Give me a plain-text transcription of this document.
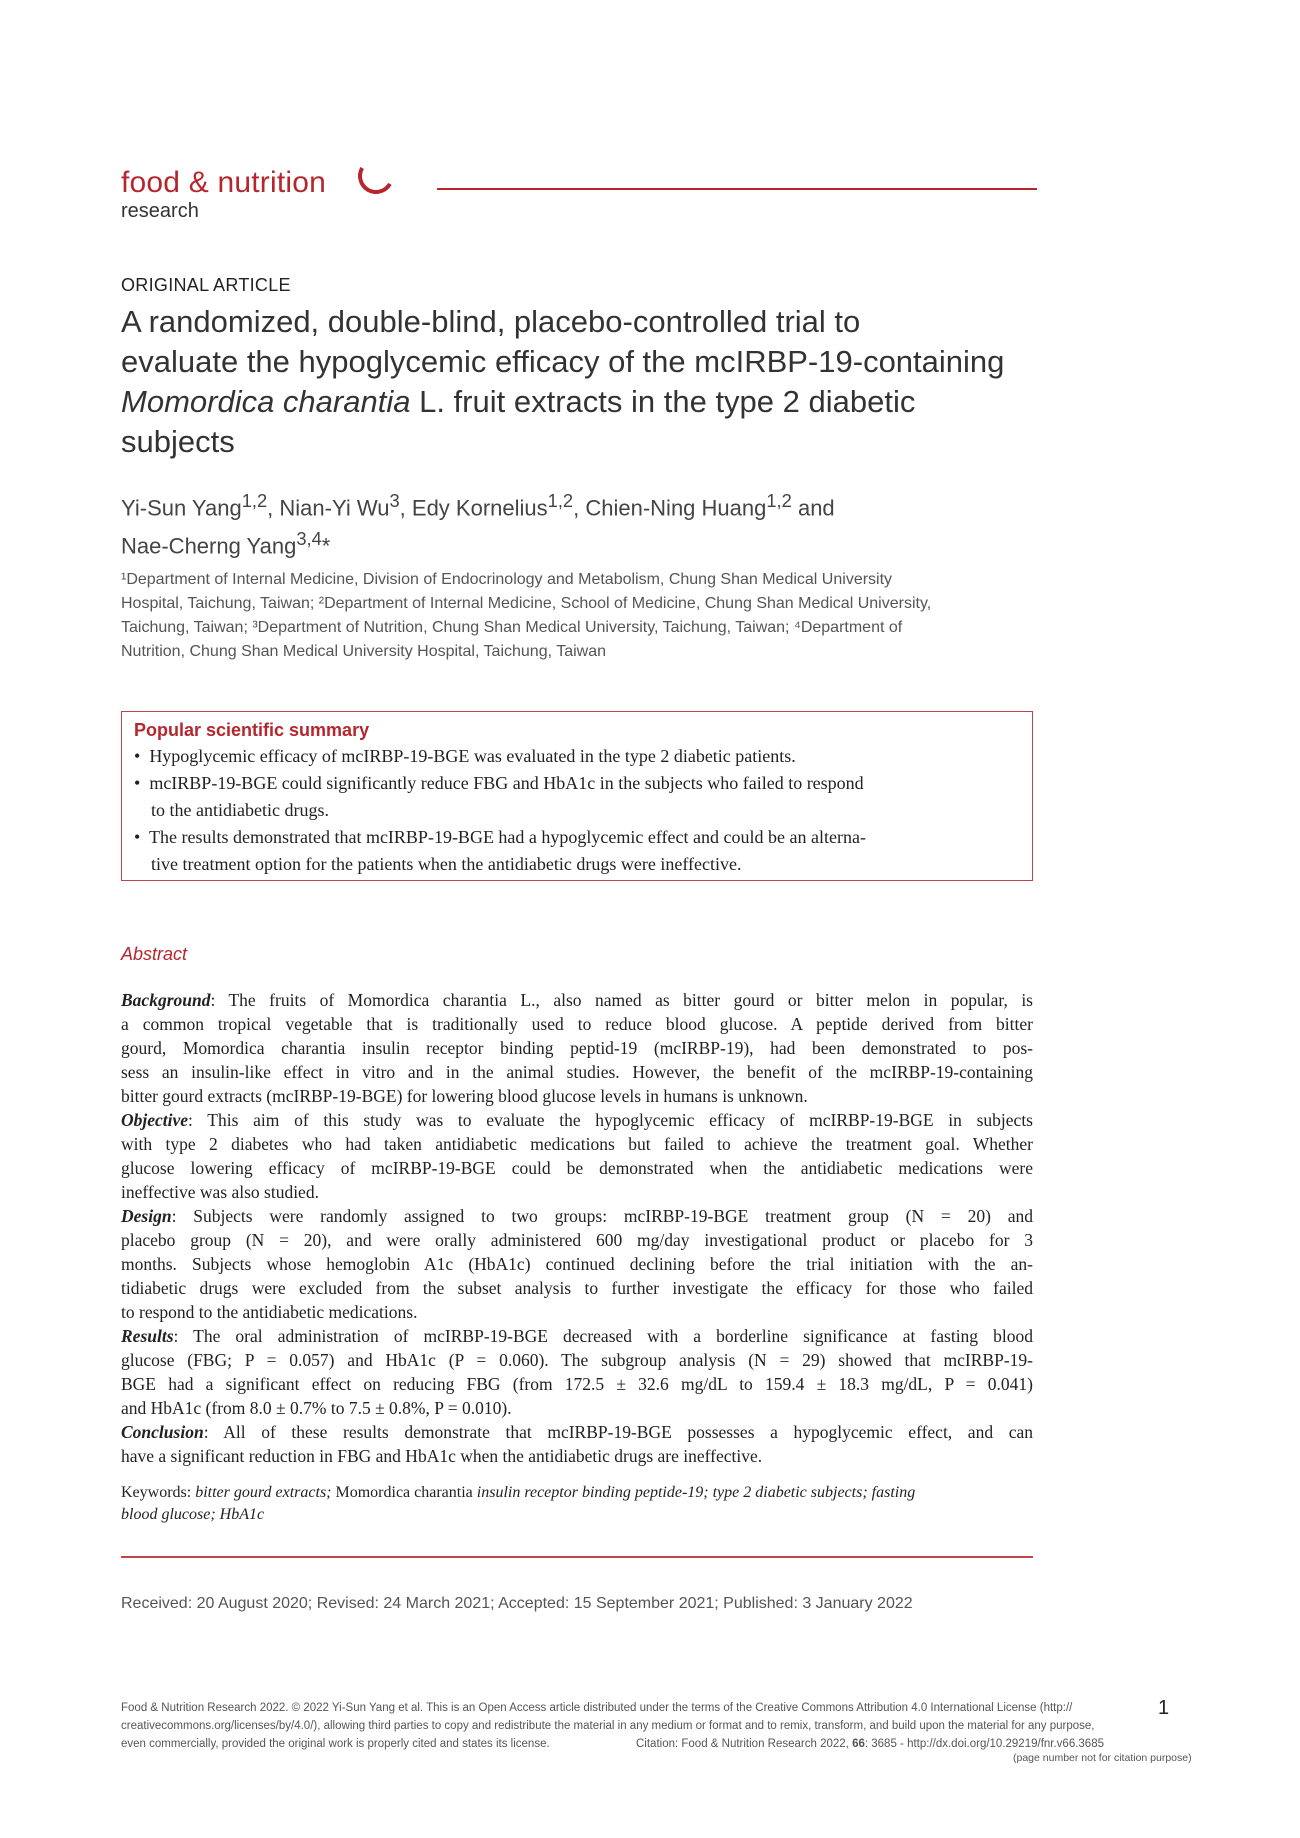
food & nutrition
research
ORIGINAL ARTICLE
A randomized, double-blind, placebo-controlled trial to
evaluate the hypoglycemic efficacy of the mcIRBP-19-containing
Momordica charantia L. fruit extracts in the type 2 diabetic
subjects
Yi-Sun Yang$^{1,2}$, Nian-Yi Wu$^3$, Edy Kornelius$^{1,2}$, Chien-Ning Huang$^{1,2}$ and
Nae-Cherng Yang$^{3,4}$*
¹Department of Internal Medicine, Division of Endocrinology and Metabolism, Chung Shan Medical University
Hospital, Taichung, Taiwan; ²Department of Internal Medicine, School of Medicine, Chung Shan Medical University,
Taichung, Taiwan; ³Department of Nutrition, Chung Shan Medical University, Taichung, Taiwan; ⁴Department of
Nutrition, Chung Shan Medical University Hospital, Taichung, Taiwan
Popular scientific summary
• Hypoglycemic efficacy of mcIRBP-19-BGE was evaluated in the type 2 diabetic patients.
• mcIRBP-19-BGE could significantly reduce FBG and HbA1c in the subjects who failed to respond
to the antidiabetic drugs.
• The results demonstrated that mcIRBP-19-BGE had a hypoglycemic effect and could be an alterna-
tive treatment option for the patients when the antidiabetic drugs were ineffective.
Abstract
Background: The fruits of Momordica charantia L., also named as bitter gourd or bitter melon in popular, is
a common tropical vegetable that is traditionally used to reduce blood glucose. A peptide derived from bitter
gourd, Momordica charantia insulin receptor binding peptid-19 (mcIRBP-19), had been demonstrated to pos-
sess an insulin-like effect in vitro and in the animal studies. However, the benefit of the mcIRBP-19-containing
bitter gourd extracts (mcIRBP-19-BGE) for lowering blood glucose levels in humans is unknown.
Objective: This aim of this study was to evaluate the hypoglycemic efficacy of mcIRBP-19-BGE in subjects
with type 2 diabetes who had taken antidiabetic medications but failed to achieve the treatment goal. Whether
glucose lowering efficacy of mcIRBP-19-BGE could be demonstrated when the antidiabetic medications were
ineffective was also studied.
Design: Subjects were randomly assigned to two groups: mcIRBP-19-BGE treatment group (N = 20) and
placebo group (N = 20), and were orally administered 600 mg/day investigational product or placebo for 3
months. Subjects whose hemoglobin A1c (HbA1c) continued declining before the trial initiation with the an-
tidiabetic drugs were excluded from the subset analysis to further investigate the efficacy for those who failed
to respond to the antidiabetic medications.
Results: The oral administration of mcIRBP-19-BGE decreased with a borderline significance at fasting blood
glucose (FBG; P = 0.057) and HbA1c (P = 0.060). The subgroup analysis (N = 29) showed that mcIRBP-19-
BGE had a significant effect on reducing FBG (from 172.5 ± 32.6 mg/dL to 159.4 ± 18.3 mg/dL, P = 0.041)
and HbA1c (from 8.0 ± 0.7% to 7.5 ± 0.8%, P = 0.010).
Conclusion: All of these results demonstrate that mcIRBP-19-BGE possesses a hypoglycemic effect, and can
have a significant reduction in FBG and HbA1c when the antidiabetic drugs are ineffective.
Keywords: bitter gourd extracts; Momordica charantia insulin receptor binding peptide-19; type 2 diabetic subjects; fasting
blood glucose; HbA1c
Received: 20 August 2020; Revised: 24 March 2021; Accepted: 15 September 2021; Published: 3 January 2022
Food & Nutrition Research 2022. © 2022 Yi-Sun Yang et al. This is an Open Access article distributed under the terms of the Creative Commons Attribution 4.0 International License (http://
creativecommons.org/licenses/by/4.0/), allowing third parties to copy and redistribute the material in any medium or format and to remix, transform, and build upon the material for any purpose,
even commercially, provided the original work is properly cited and states its license.	Citation: Food & Nutrition Research 2022, 66: 3685 - http://dx.doi.org/10.29219/fnr.v66.3685
(page number not for citation purpose)
1
